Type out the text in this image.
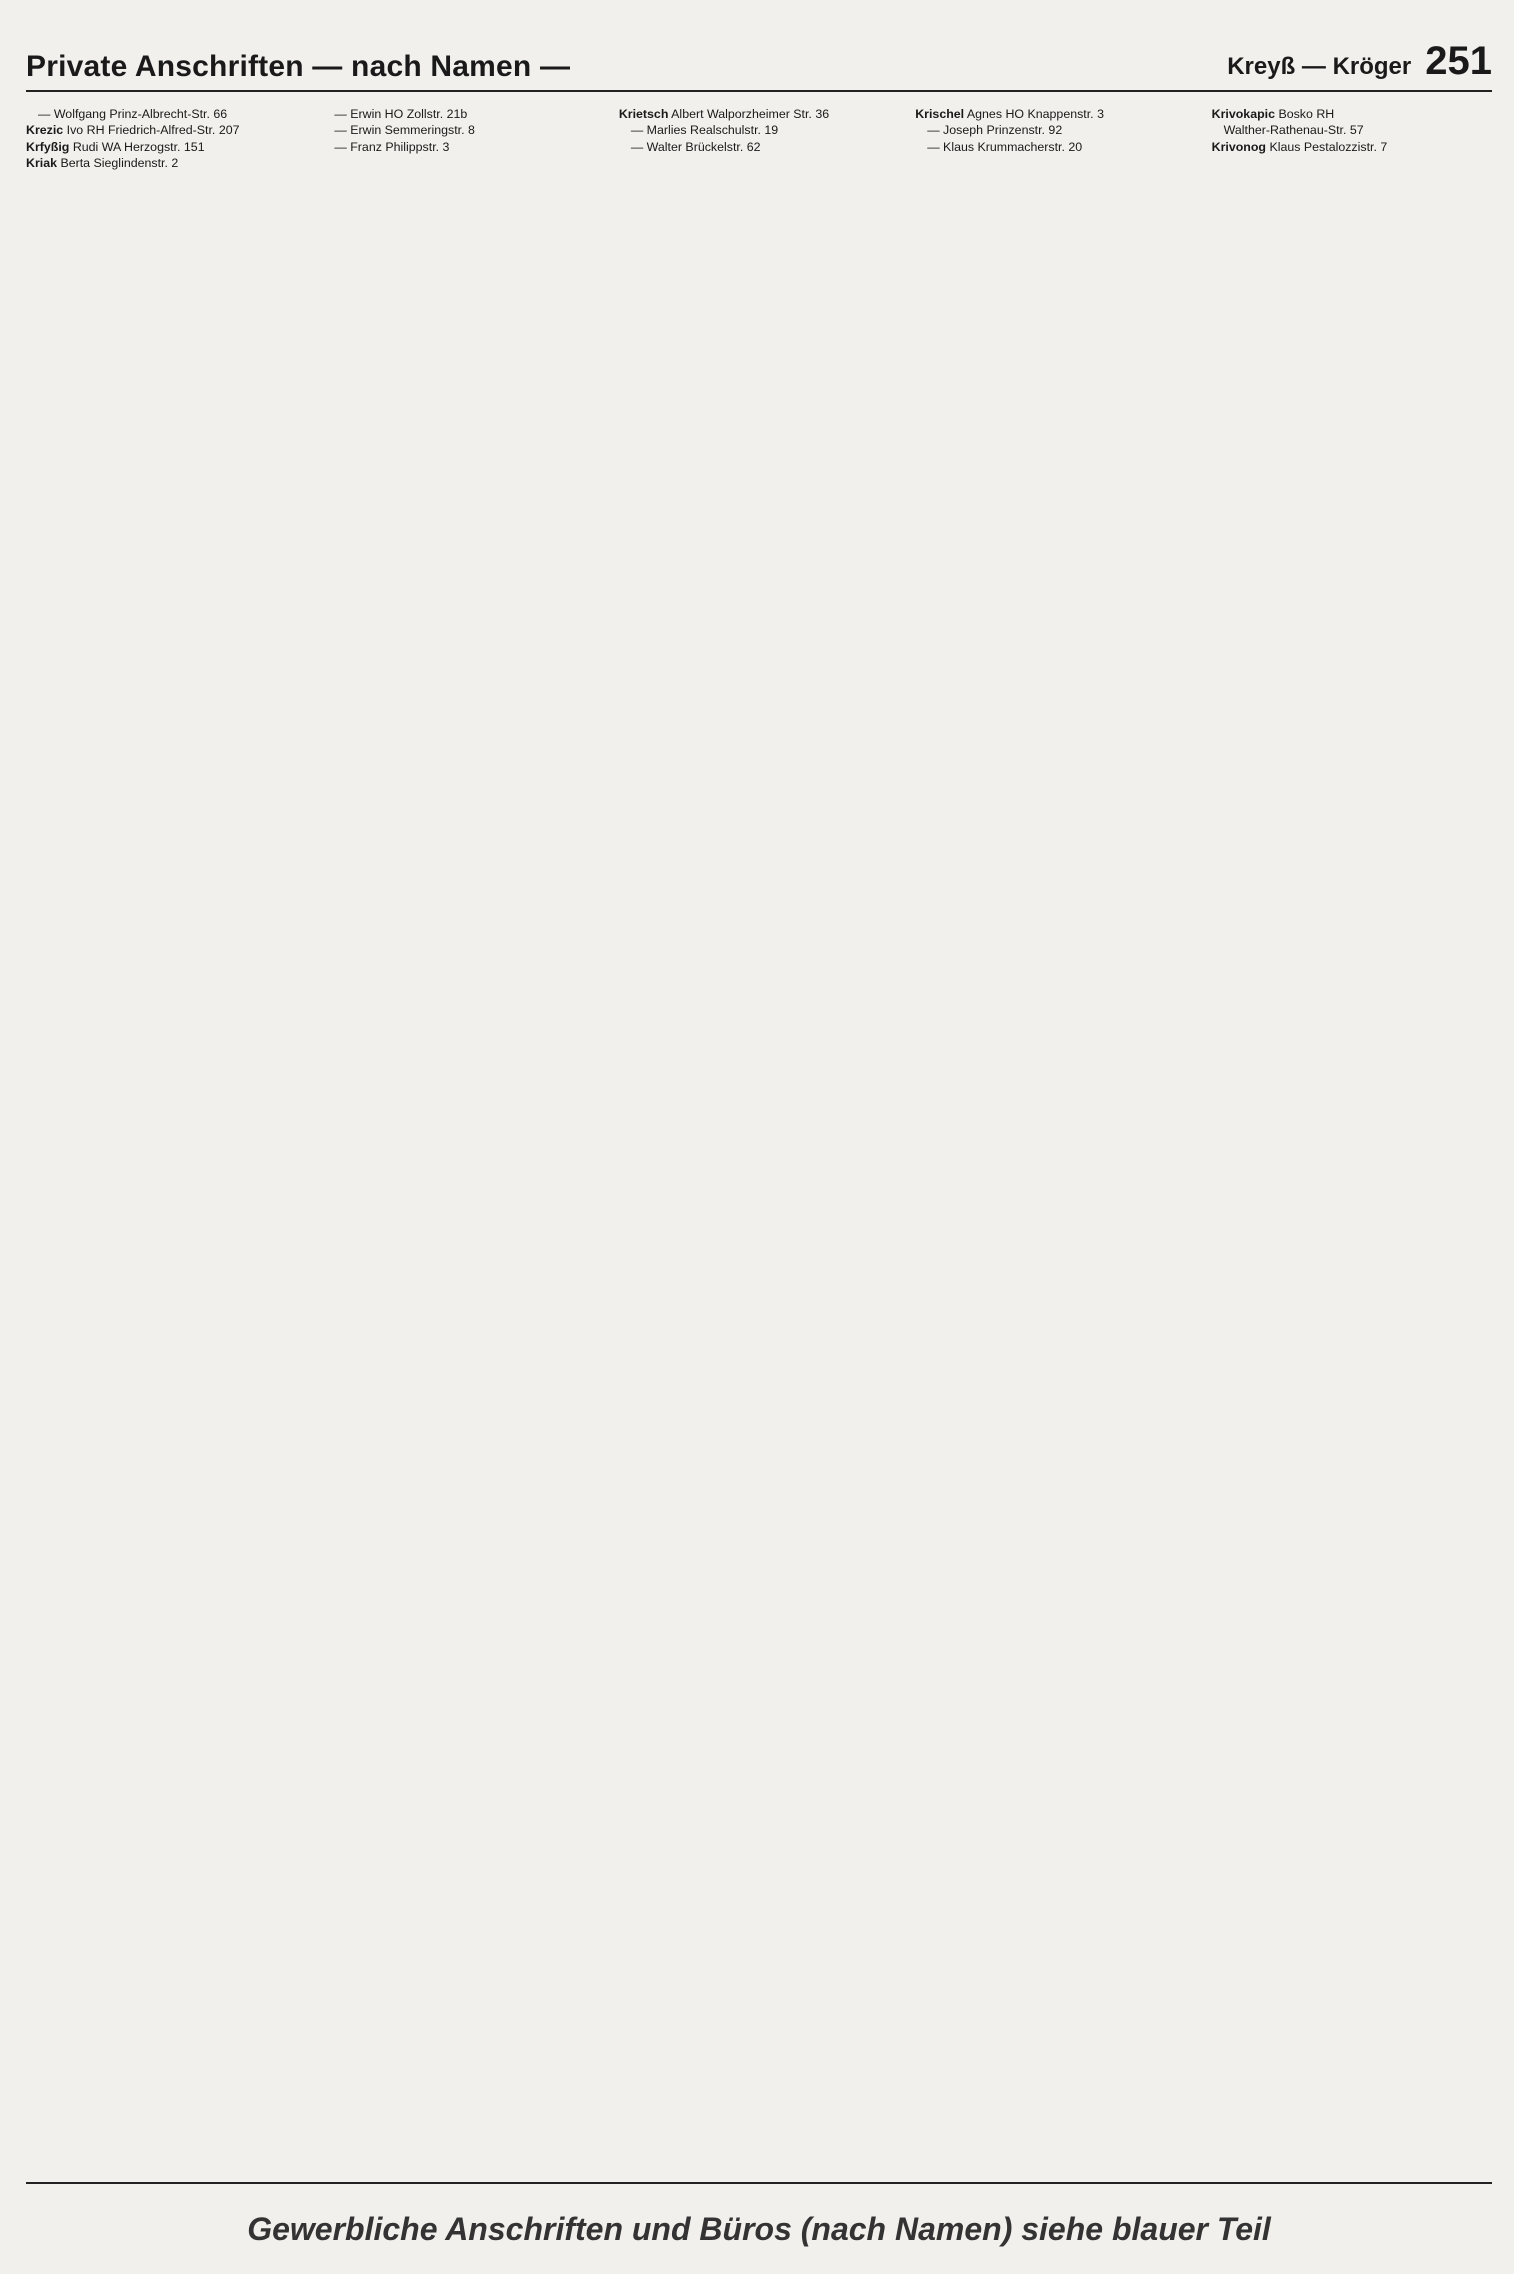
Private Anschriften — nach Namen —	Kreyß — Kröger 251
— Wolfgang Prinz-Albrecht-Str. 66
Krezic Ivo RH Friedrich-Alfred-Str. 207
Krfyßig Rudi WA Herzogstr. 151
Kriak Berta Sieglindenstr. 2
— Erwin HO Zollstr. 21b
— Erwin Semmeringstr. 8
— Franz Philippstr. 3
Krietsch Albert Walporzheimer Str. 36
— Marlies Realschulstr. 19
— Walter Brückelstr. 62
Krischel Agnes HO Knappenstr. 3
— Joseph Prinzenstr. 92
— Klaus Krummacherstr. 20
Krivokapic Bosko RH
Walther-Rathenau-Str. 57
Krivonog Klaus Pestalozzistr. 7
Gewerbliche Anschriften und Büros (nach Namen) siehe blauer Teil
